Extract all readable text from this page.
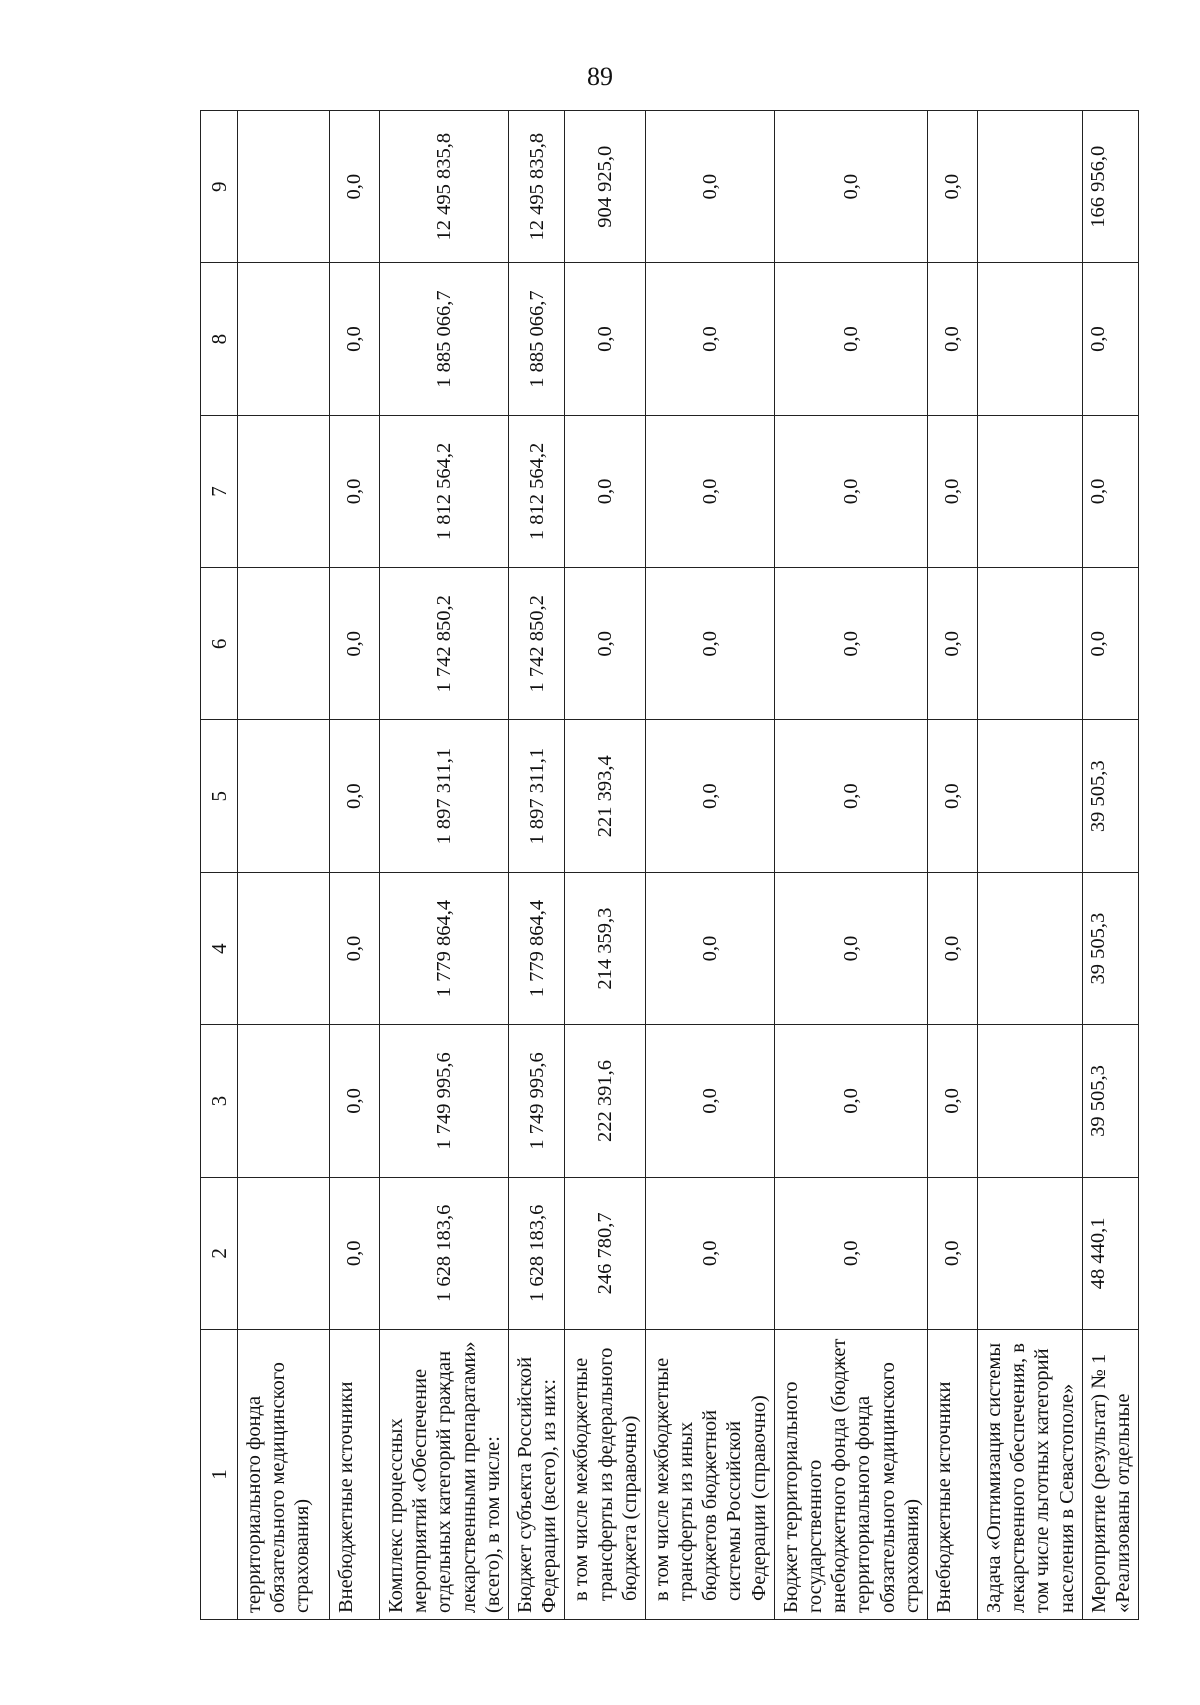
89
1	2	3	4	5	6	7	8	9
территориального фонда обязательного медицинского страхования)								
Внебюджетные источники	0,0	0,0	0,0	0,0	0,0	0,0	0,0	0,0
Комплекс процессных мероприятий «Обеспечение отдельных категорий граждан лекарственными препаратами» (всего), в том числе:	1 628 183,6	1 749 995,6	1 779 864,4	1 897 311,1	1 742 850,2	1 812 564,2	1 885 066,7	12 495 835,8
Бюджет субъекта Российской Федерации (всего), из них:	1 628 183,6	1 749 995,6	1 779 864,4	1 897 311,1	1 742 850,2	1 812 564,2	1 885 066,7	12 495 835,8
в том числе межбюджетные трансферты из федерального бюджета (справочно)	246 780,7	222 391,6	214 359,3	221 393,4	0,0	0,0	0,0	904 925,0
в том числе межбюджетные трансферты из иных бюджетов бюджетной системы Российской Федерации (справочно)	0,0	0,0	0,0	0,0	0,0	0,0	0,0	0,0
Бюджет территориального государственного внебюджетного фонда (бюджет территориального фонда обязательного медицинского страхования)	0,0	0,0	0,0	0,0	0,0	0,0	0,0	0,0
Внебюджетные источники	0,0	0,0	0,0	0,0	0,0	0,0	0,0	0,0
Задача «Оптимизация системы лекарственного обеспечения, в том числе льготных категорий населения в Севастополе»								
Мероприятие (результат) № 1 «Реализованы отдельные	48 440,1	39 505,3	39 505,3	39 505,3	0,0	0,0	0,0	166 956,0
